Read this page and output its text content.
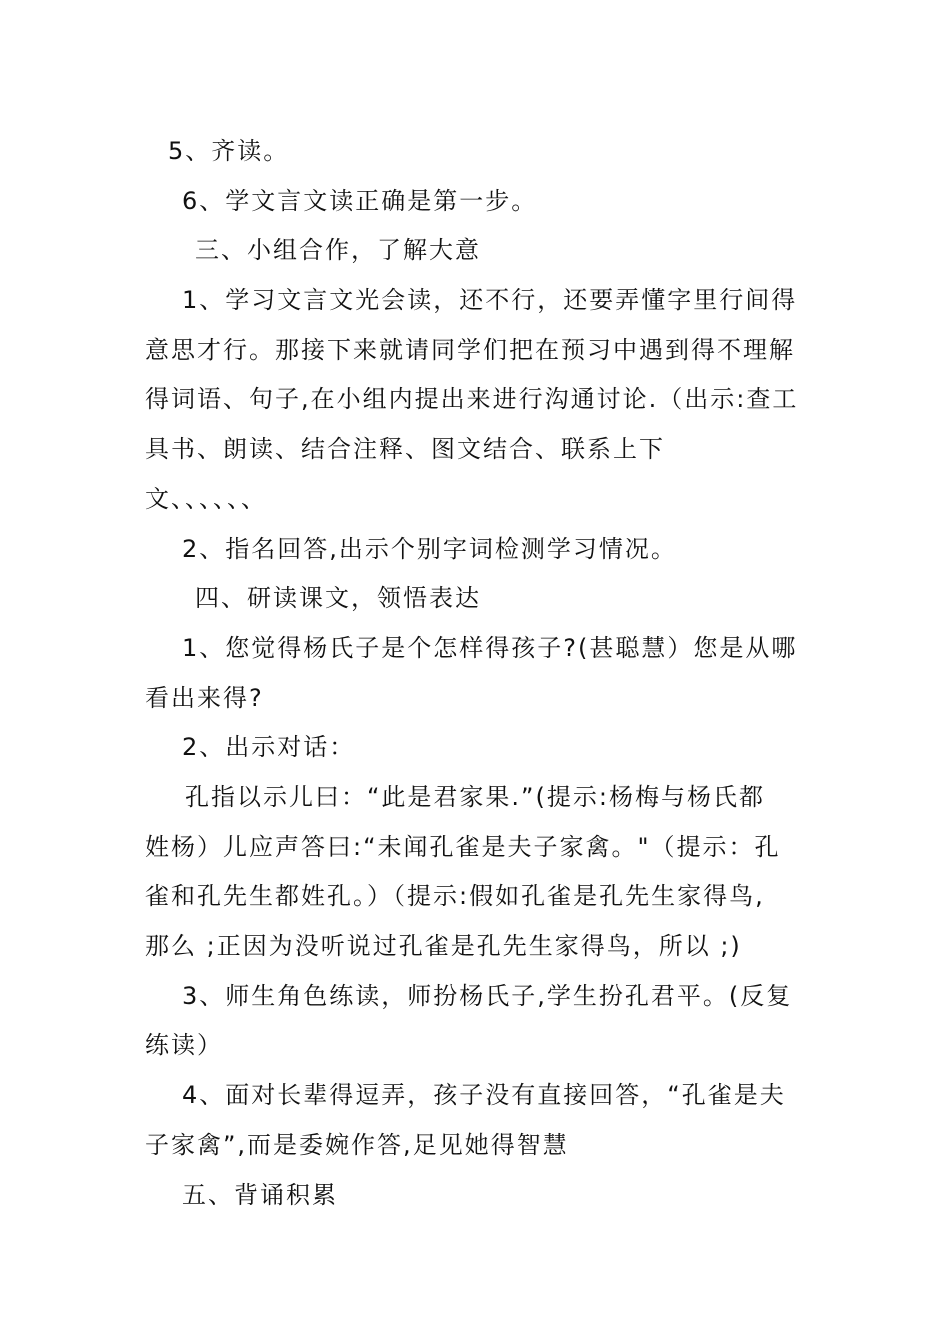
5、齐读。
6、学文言文读正确是第一步。
三、小组合作，了解大意
1、学习文言文光会读，还不行，还要弄懂字里行间得
意思才行。那接下来就请同学们把在预习中遇到得不理解
得词语、句子,在小组内提出来进行沟通讨论.（出示:查工
具书、朗读、结合注释、图文结合、联系上下
文、、、、、、
2、指名回答,出示个别字词检测学习情况。
四、研读课文，领悟表达
1、您觉得杨氏子是个怎样得孩子?(甚聪慧）您是从哪
看出来得?
2、出示对话：
孔指以示儿曰：“此是君家果.”(提示:杨梅与杨氏都
姓杨）儿应声答曰:“未闻孔雀是夫子家禽。"（提示：孔
雀和孔先生都姓孔。）（提示:假如孔雀是孔先生家得鸟,
那么 ;正因为没听说过孔雀是孔先生家得鸟，所以 ;)
3、师生角色练读，师扮杨氏子,学生扮孔君平。(反复
练读）
4、面对长辈得逗弄，孩子没有直接回答，“孔雀是夫
子家禽”,而是委婉作答,足见她得智慧
五、背诵积累
